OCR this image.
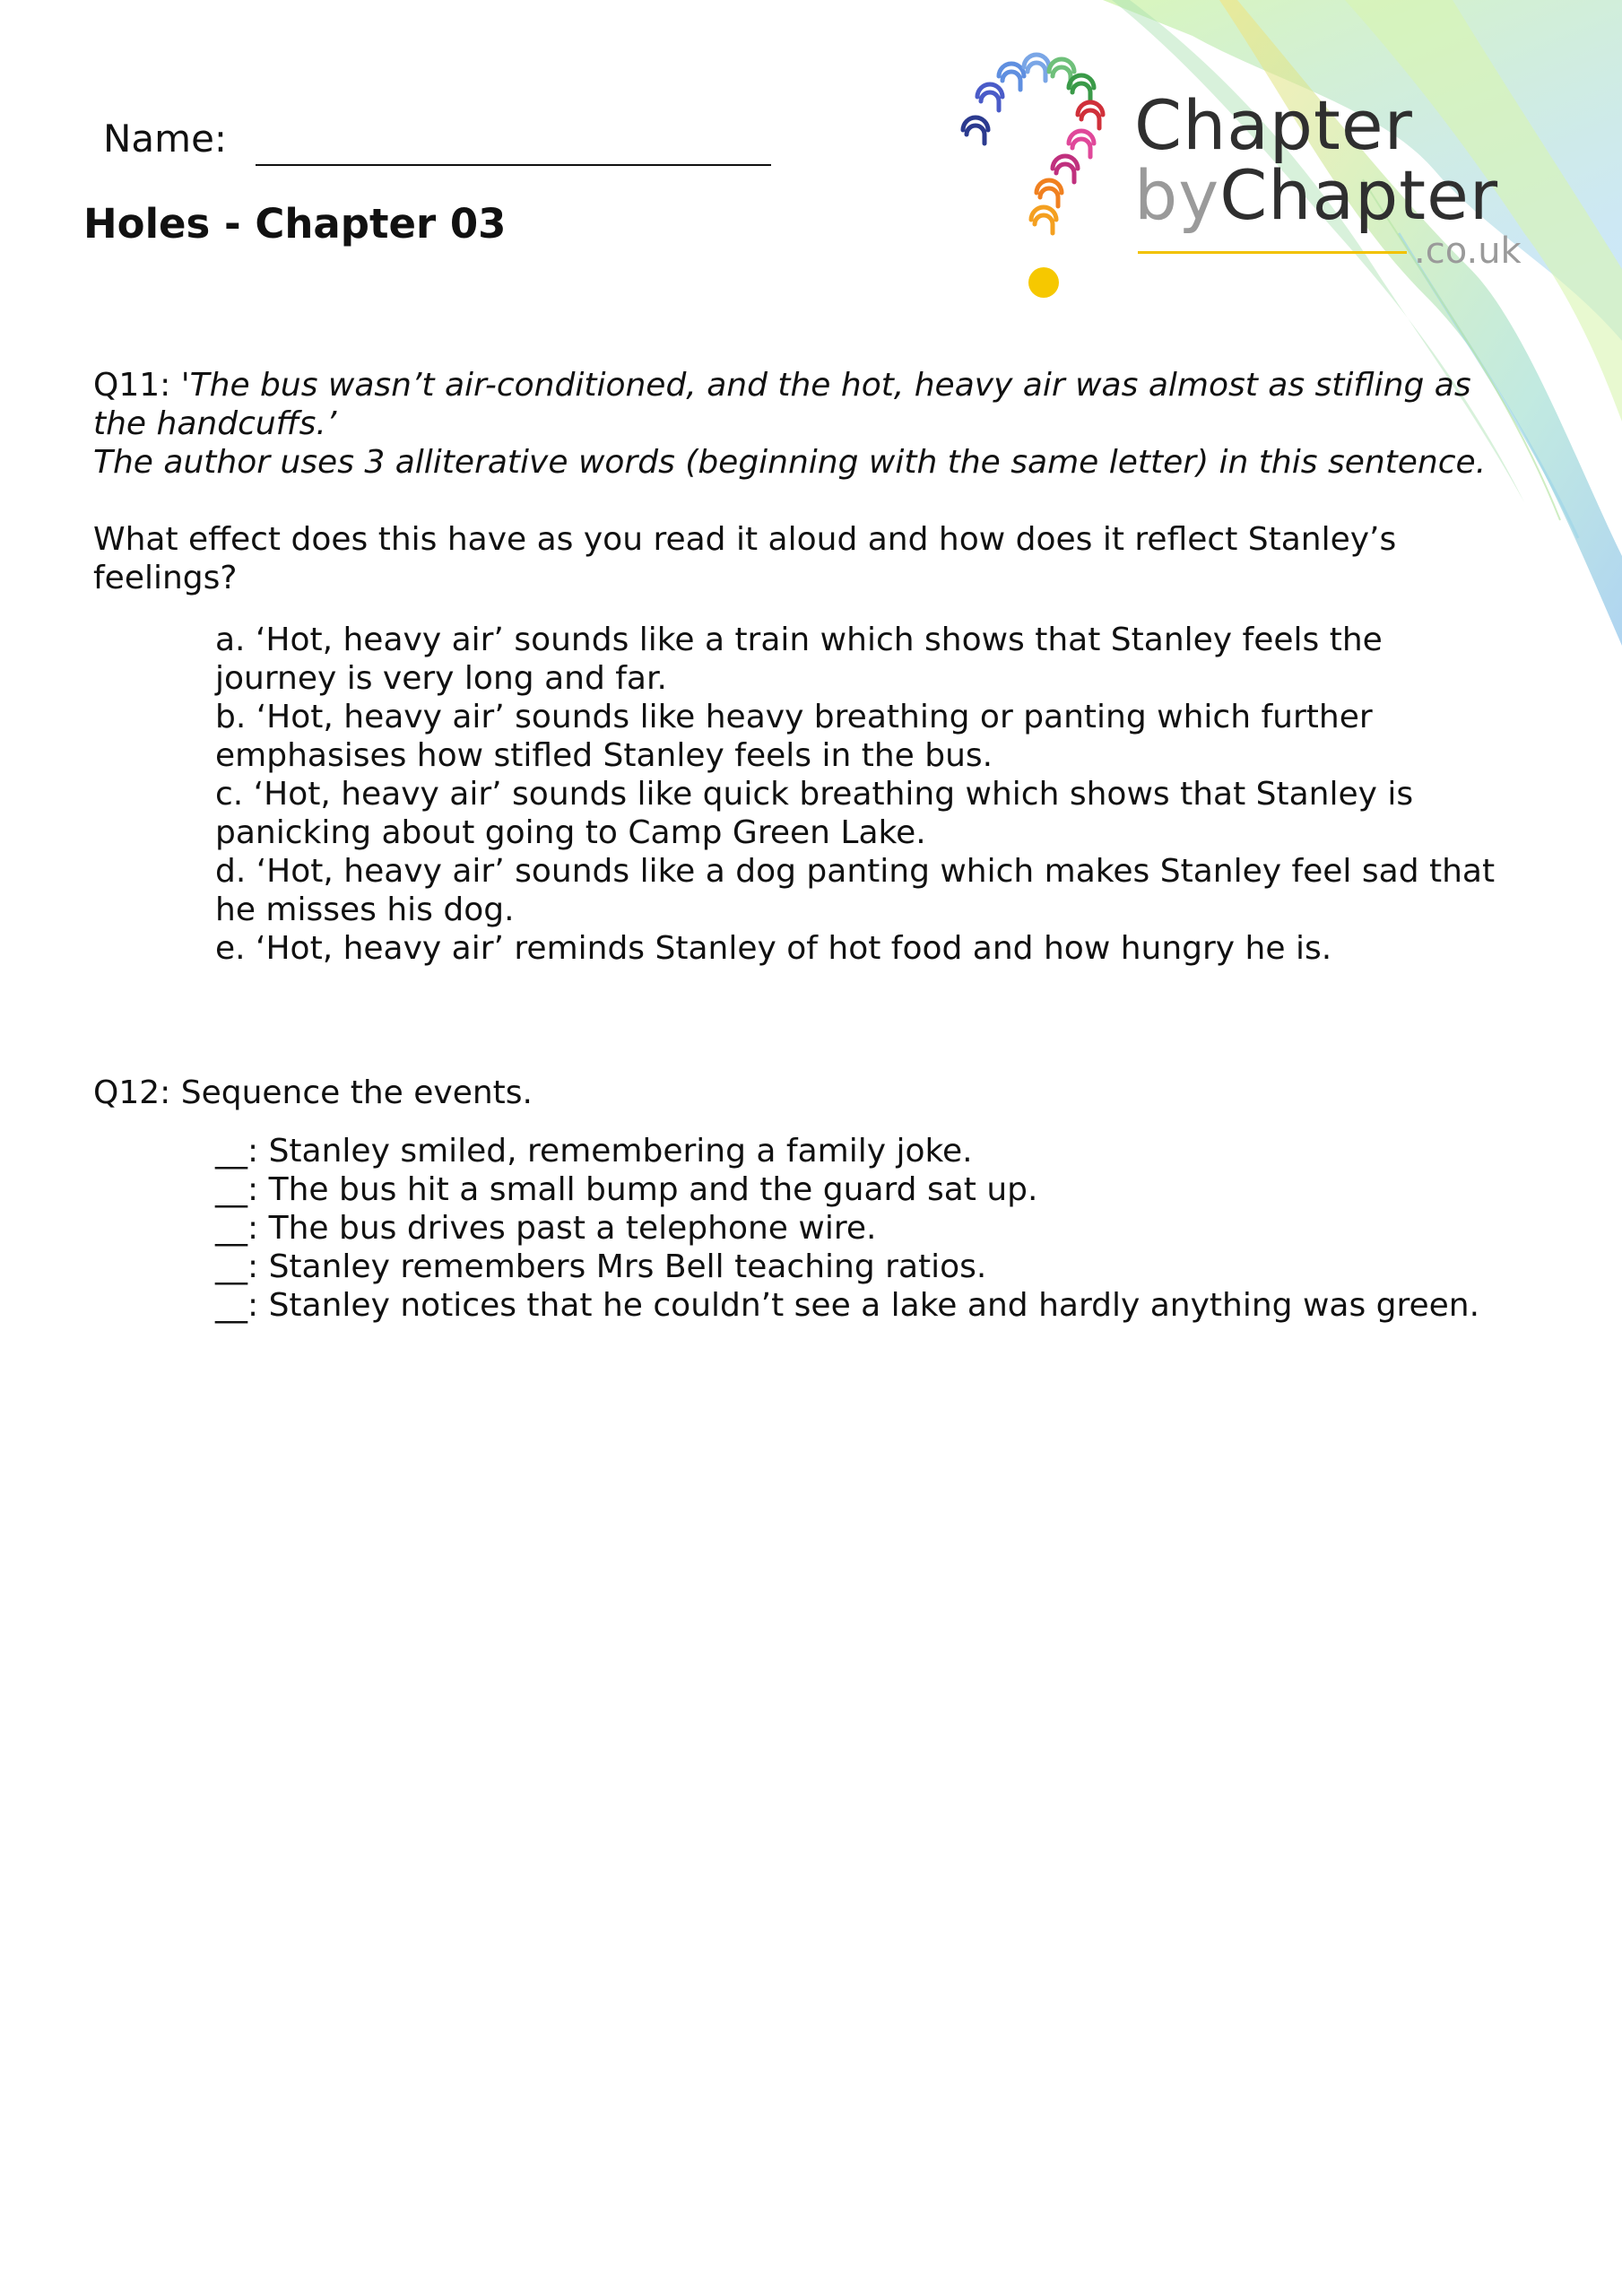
Chapter
byChapter
.co.uk
Name:
Holes - Chapter 03
Q11: 'The bus wasn’t air-conditioned, and the hot, heavy air was almost as stifling as
the handcuffs.’
The author uses 3 alliterative words (beginning with the same letter) in this sentence.
What effect does this have as you read it aloud and how does it reflect Stanley’s
feelings?
a. ‘Hot, heavy air’ sounds like a train which shows that Stanley feels the
journey is very long and far.
b. ‘Hot, heavy air’ sounds like heavy breathing or panting which further
emphasises how stifled Stanley feels in the bus.
c. ‘Hot, heavy air’ sounds like quick breathing which shows that Stanley is
panicking about going to Camp Green Lake.
d. ‘Hot, heavy air’ sounds like a dog panting which makes Stanley feel sad that
he misses his dog.
e. ‘Hot, heavy air’ reminds Stanley of hot food and how hungry he is.
Q12: Sequence the events.
__: Stanley smiled, remembering a family joke.
__: The bus hit a small bump and the guard sat up.
__: The bus drives past a telephone wire.
__: Stanley remembers Mrs Bell teaching ratios.
__: Stanley notices that he couldn’t see a lake and hardly anything was green.
